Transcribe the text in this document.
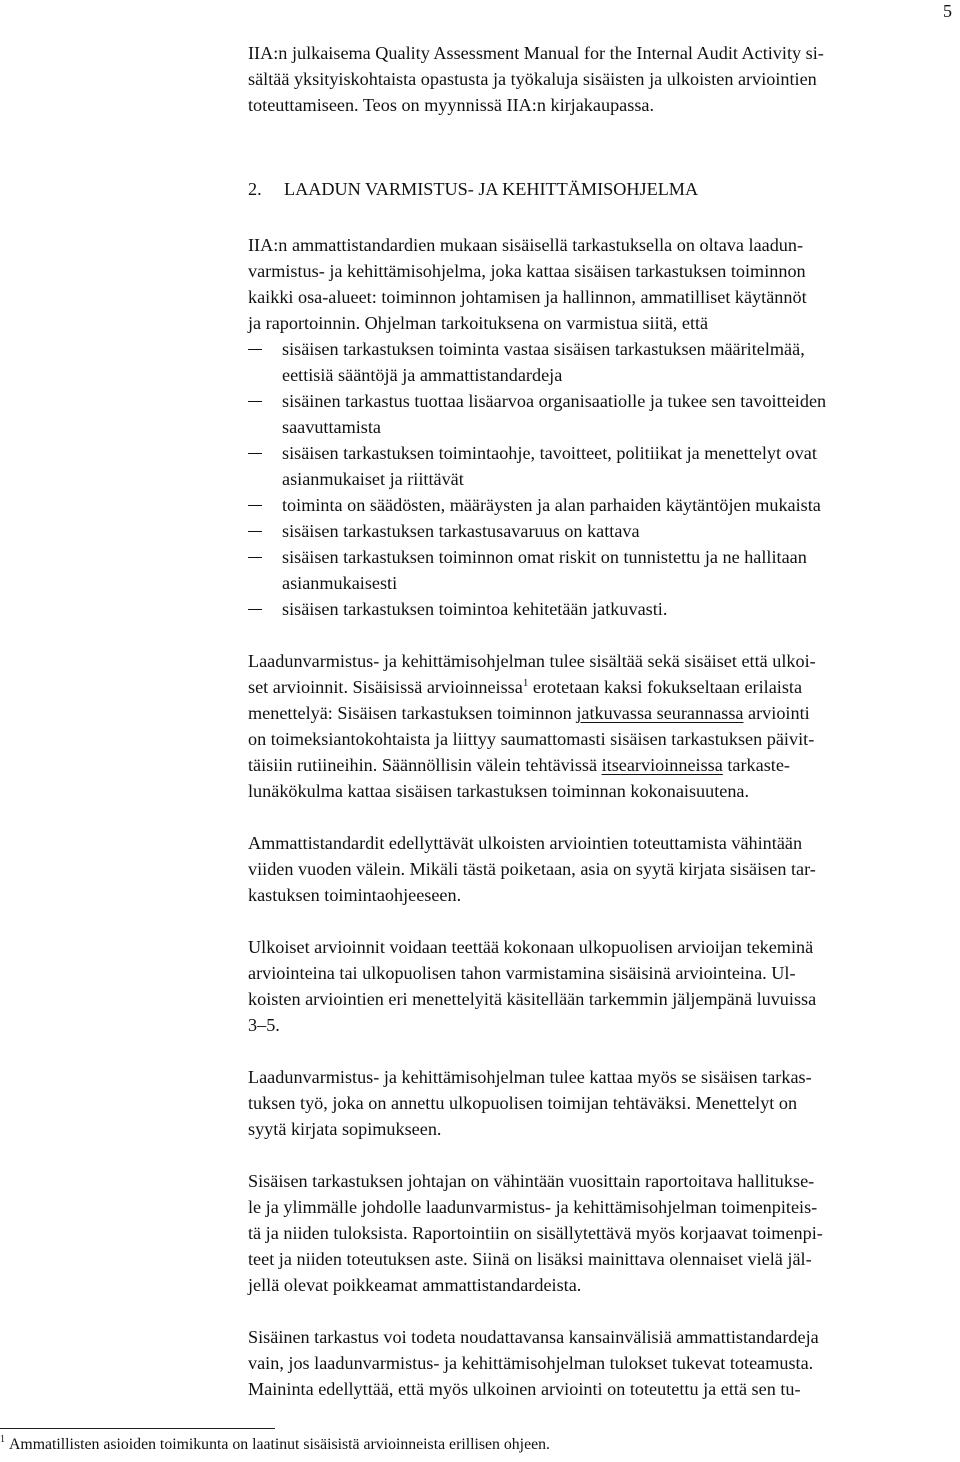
5
IIA:n julkaisema Quality Assessment Manual for the Internal Audit Activity si-
sältää yksityiskohtaista opastusta ja työkaluja sisäisten ja ulkoisten arviointien
toteuttamiseen. Teos on myynnissä IIA:n kirjakaupassa.
2. LAADUN VARMISTUS- JA KEHITTÄMISOHJELMA
IIA:n ammattistandardien mukaan sisäisellä tarkastuksella on oltava laadun-
varmistus- ja kehittämisohjelma, joka kattaa sisäisen tarkastuksen toiminnon
kaikki osa-alueet: toiminnon johtamisen ja hallinnon, ammatilliset käytännöt
ja raportoinnin. Ohjelman tarkoituksena on varmistua siitä, että
sisäisen tarkastuksen toiminta vastaa sisäisen tarkastuksen määritelmää,
eettisiä sääntöjä ja ammattistandardeja
sisäinen tarkastus tuottaa lisäarvoa organisaatiolle ja tukee sen tavoitteiden
saavuttamista
sisäisen tarkastuksen toimintaohje, tavoitteet, politiikat ja menettelyt ovat
asianmukaiset ja riittävät
toiminta on säädösten, määräysten ja alan parhaiden käytäntöjen mukaista
sisäisen tarkastuksen tarkastusavaruus on kattava
sisäisen tarkastuksen toiminnon omat riskit on tunnistettu ja ne hallitaan
asianmukaisesti
sisäisen tarkastuksen toimintoa kehitetään jatkuvasti.
Laadunvarmistus- ja kehittämisohjelman tulee sisältää sekä sisäiset että ulkoi-
set arvioinnit. Sisäisissä arvioinneissa$^1$ erotetaan kaksi fokukseltaan erilaista
menettelyä: Sisäisen tarkastuksen toiminnon jatkuvassa seurannassa arviointi
on toimeksiantokohtaista ja liittyy saumattomasti sisäisen tarkastuksen päivit-
täisiin rutiineihin. Säännöllisin välein tehtävissä itsearvioinneissa tarkaste-
lunäkökulma kattaa sisäisen tarkastuksen toiminnan kokonaisuutena.
Ammattistandardit edellyttävät ulkoisten arviointien toteuttamista vähintään
viiden vuoden välein. Mikäli tästä poiketaan, asia on syytä kirjata sisäisen tar-
kastuksen toimintaohjeeseen.
Ulkoiset arvioinnit voidaan teettää kokonaan ulkopuolisen arvioijan tekeminä
arviointeina tai ulkopuolisen tahon varmistamina sisäisinä arviointeina. Ul-
koisten arviointien eri menettelyitä käsitellään tarkemmin jäljempänä luvuissa
3–5.
Laadunvarmistus- ja kehittämisohjelman tulee kattaa myös se sisäisen tarkas-
tuksen työ, joka on annettu ulkopuolisen toimijan tehtäväksi. Menettelyt on
syytä kirjata sopimukseen.
Sisäisen tarkastuksen johtajan on vähintään vuosittain raportoitava hallitukse-
le ja ylimmälle johdolle laadunvarmistus- ja kehittämisohjelman toimenpiteis-
tä ja niiden tuloksista. Raportointiin on sisällytettävä myös korjaavat toimenpi-
teet ja niiden toteutuksen aste. Siinä on lisäksi mainittava olennaiset vielä jäl-
jellä olevat poikkeamat ammattistandardeista.
Sisäinen tarkastus voi todeta noudattavansa kansainvälisiä ammattistandardeja
vain, jos laadunvarmistus- ja kehittämisohjelman tulokset tukevat toteamusta.
Maininta edellyttää, että myös ulkoinen arviointi on toteutettu ja että sen tu-
$^1$ Ammatillisten asioiden toimikunta on laatinut sisäisistä arvioinneista erillisen ohjeen.
